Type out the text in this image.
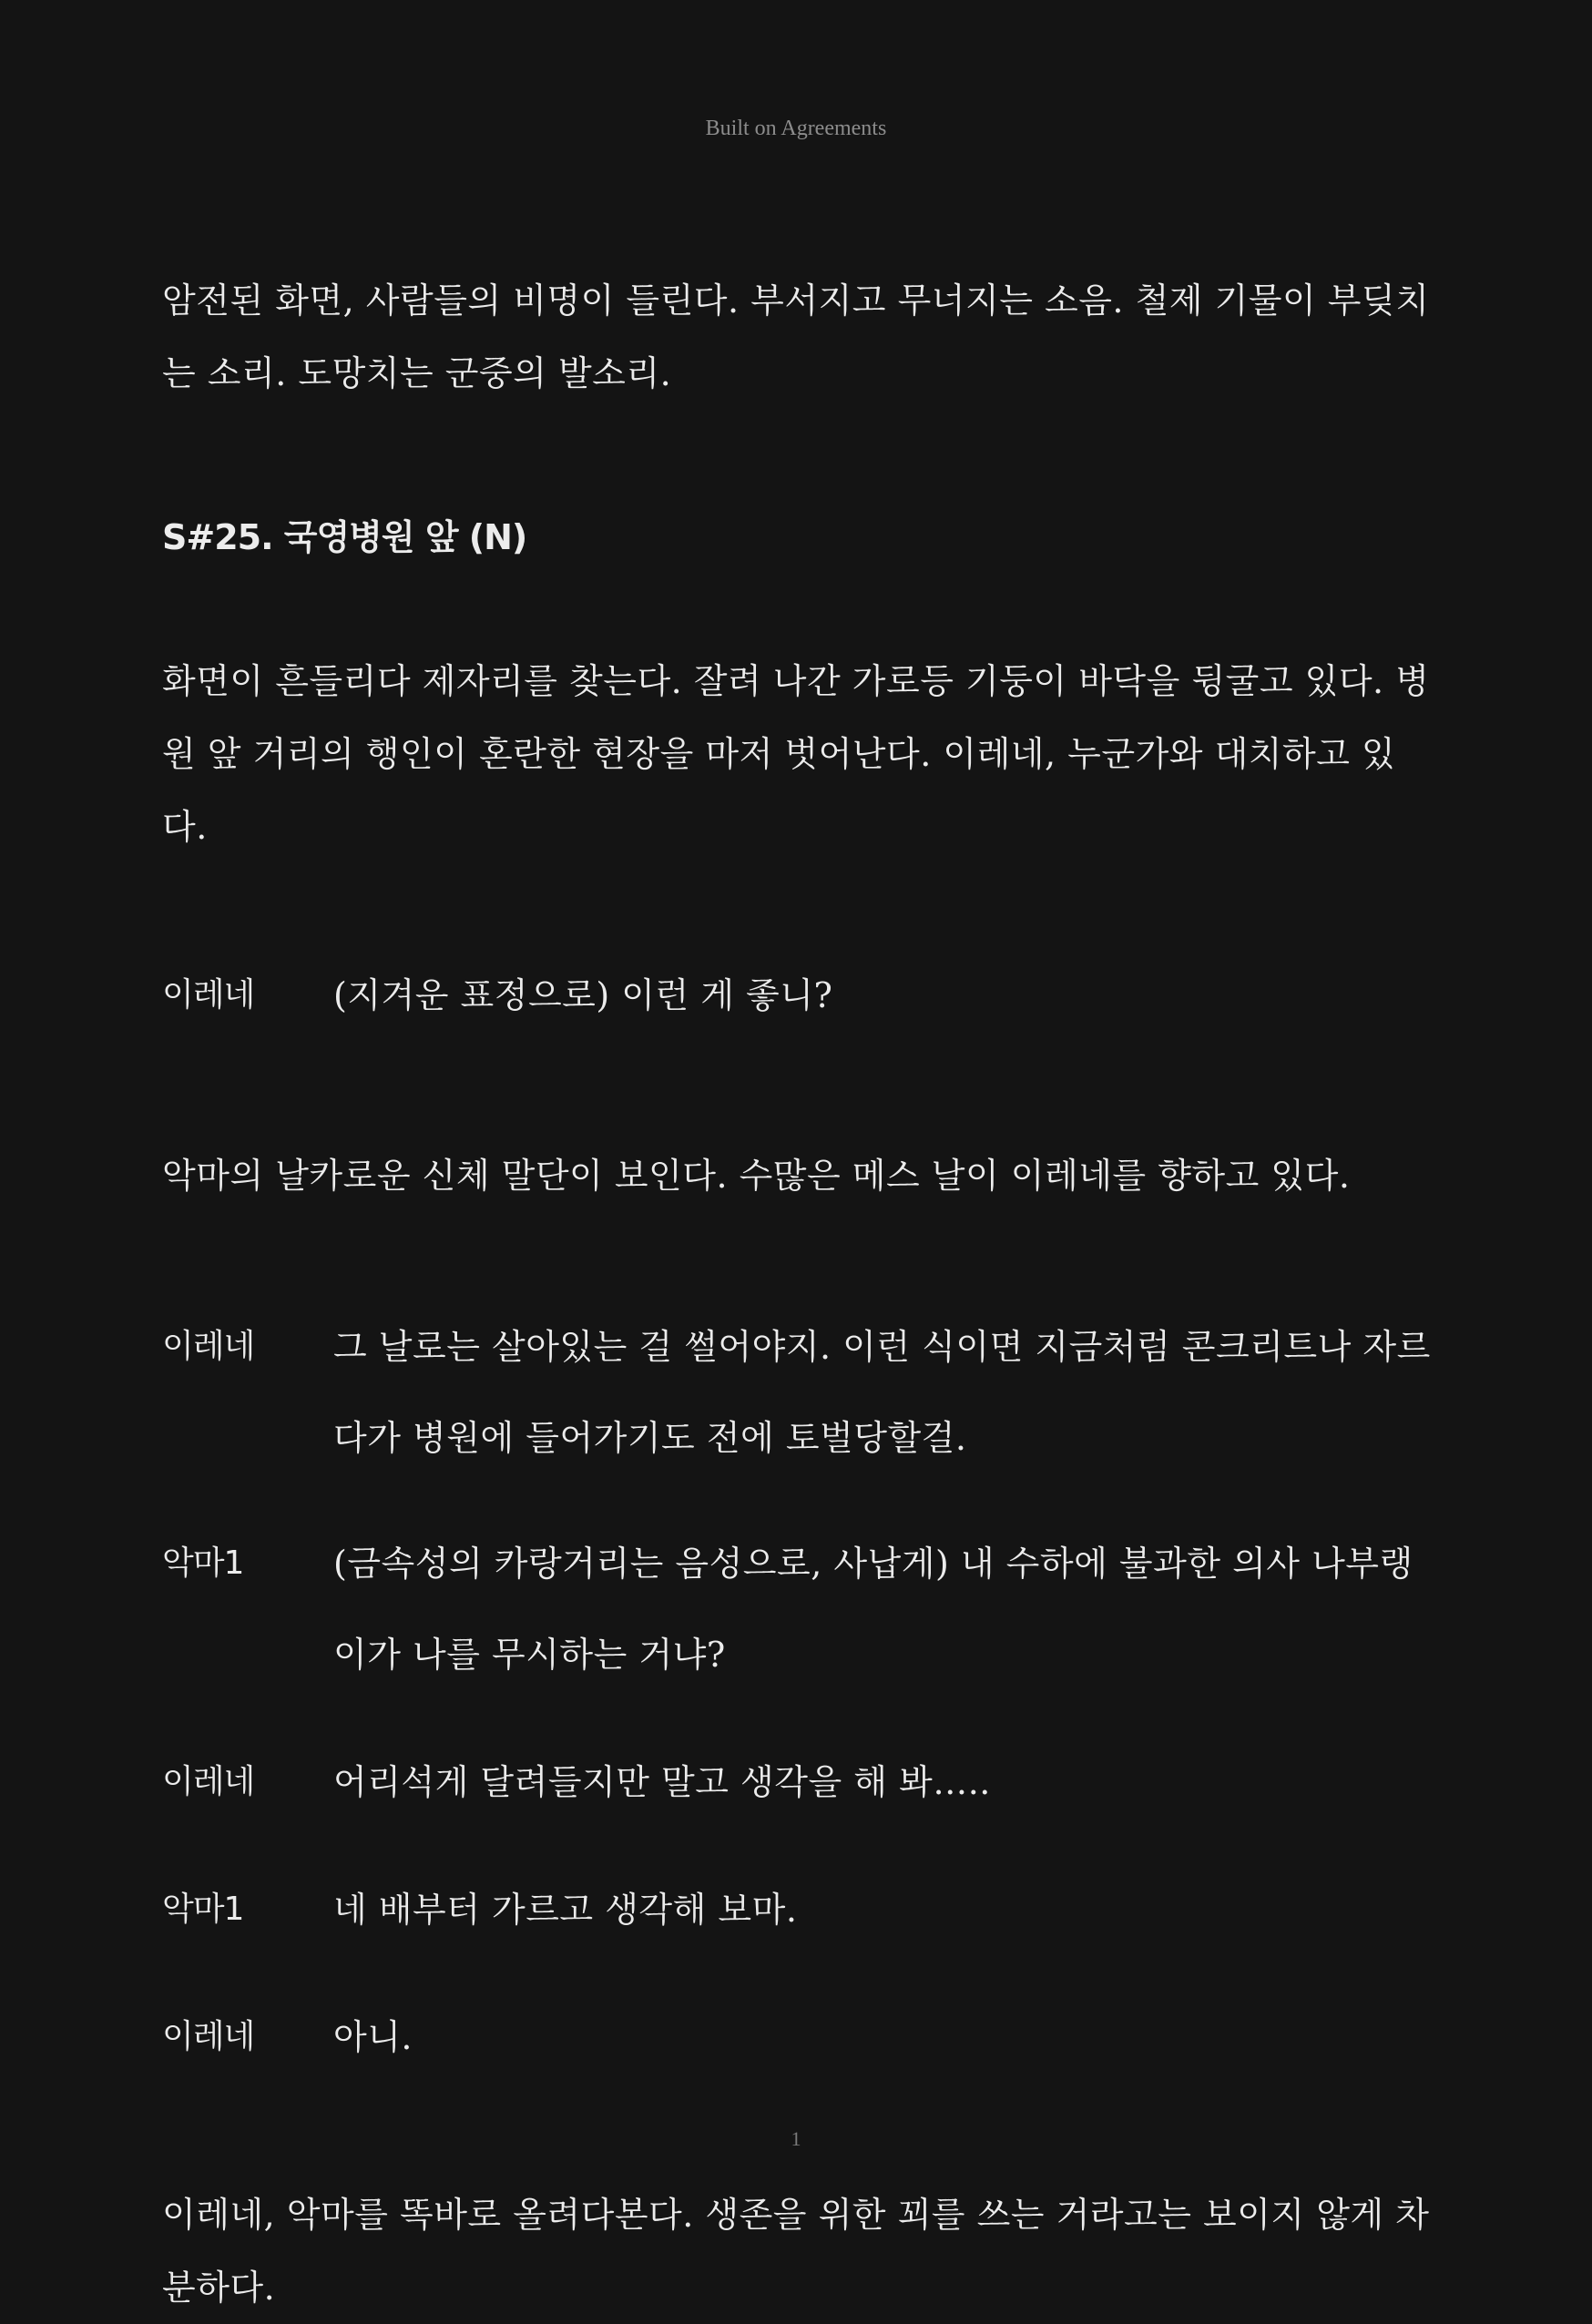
Built on Agreements

암전된 화면, 사람들의 비명이 들린다. 부서지고 무너지는 소음. 철제 기물이 부딪치는 소리. 도망치는 군중의 발소리.

S#25. 국영병원 앞 (N)

화면이 흔들리다 제자리를 찾는다. 잘려 나간 가로등 기둥이 바닥을 뒹굴고 있다. 병원 앞 거리의 행인이 혼란한 현장을 마저 벗어난다. 이레네, 누군가와 대치하고 있다.

이레네	(지겨운 표정으로) 이런 게 좋니?

악마의 날카로운 신체 말단이 보인다. 수많은 메스 날이 이레네를 향하고 있다.

이레네	그 날로는 살아있는 걸 썰어야지. 이런 식이면 지금처럼 콘크리트나 자르다가 병원에 들어가기도 전에 토벌당할걸.
악마1	(금속성의 카랑거리는 음성으로, 사납게) 내 수하에 불과한 의사 나부랭이가 나를 무시하는 거냐?
이레네	어리석게 달려들지만 말고 생각을 해 봐…..
악마1	네 배부터 가르고 생각해 보마.
이레네	아니.

이레네, 악마를 똑바로 올려다본다. 생존을 위한 꾀를 쓰는 거라고는 보이지 않게 차분하다.

1
